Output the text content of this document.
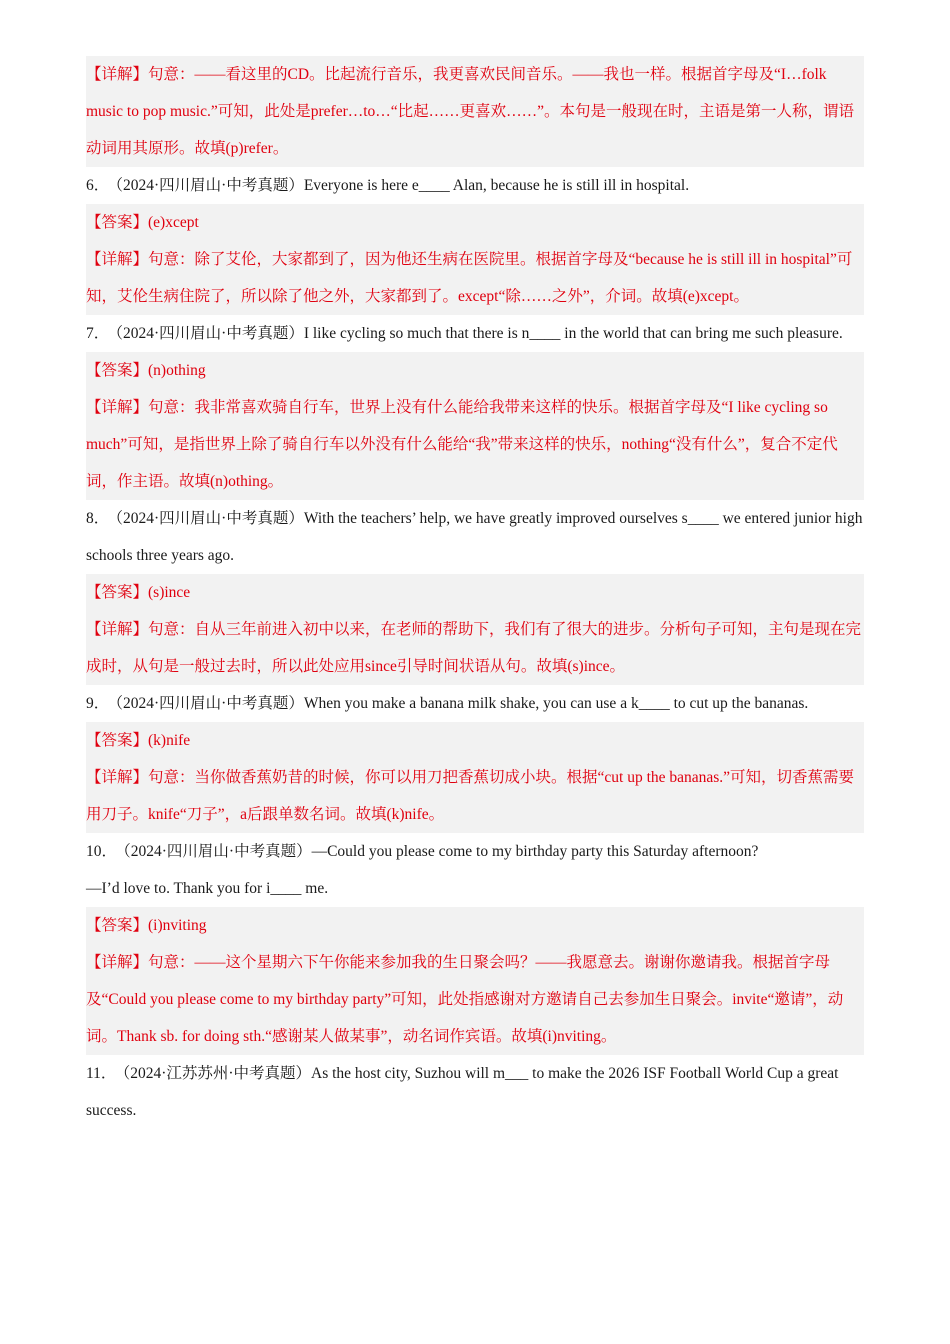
【详解】句意：——看这里的CD。比起流行音乐，我更喜欢民间音乐。——我也一样。根据首字母及“I…folk music to pop music.”可知，此处是prefer…to…“比起……更喜欢……”。本句是一般现在时，主语是第一人称，谓语动词用其原形。故填(p)refer。

6． （2024·四川眉山·中考真题）Everyone is here e____ Alan, because he is still ill in hospital.

【答案】(e)xcept

【详解】句意：除了艾伦，大家都到了，因为他还生病在医院里。根据首字母及“because he is still ill in hospital”可知，艾伦生病住院了，所以除了他之外，大家都到了。except“除……之外”，介词。故填(e)xcept。

7． （2024·四川眉山·中考真题）I like cycling so much that there is n____ in the world that can bring me such pleasure.

【答案】(n)othing

【详解】句意：我非常喜欢骑自行车，世界上没有什么能给我带来这样的快乐。根据首字母及“I like cycling so much”可知，是指世界上除了骑自行车以外没有什么能给“我”带来这样的快乐，nothing“没有什么”，复合不定代词，作主语。故填(n)othing。

8． （2024·四川眉山·中考真题）With the teachers’ help, we have greatly improved ourselves s____ we entered junior high schools three years ago.

【答案】(s)ince

【详解】句意：自从三年前进入初中以来，在老师的帮助下，我们有了很大的进步。分析句子可知，主句是现在完成时，从句是一般过去时，所以此处应用since引导时间状语从句。故填(s)ince。

9． （2024·四川眉山·中考真题）When you make a banana milk shake, you can use a k____ to cut up the bananas.

【答案】(k)nife

【详解】句意：当你做香蕉奶昔的时候，你可以用刀把香蕉切成小块。根据“cut up the bananas.”可知，切香蕉需要用刀子。knife“刀子”，a后跟单数名词。故填(k)nife。

10． （2024·四川眉山·中考真题）—Could you please come to my birthday party this Saturday afternoon?

—I’d love to. Thank you for i____ me.

【答案】(i)nviting

【详解】句意：——这个星期六下午你能来参加我的生日聚会吗？——我愿意去。谢谢你邀请我。根据首字母及“Could you please come to my birthday party”可知，此处指感谢对方邀请自己去参加生日聚会。invite“邀请”，动词。Thank sb. for doing sth.“感谢某人做某事”，动名词作宾语。故填(i)nviting。

11． （2024·江苏苏州·中考真题）As the host city, Suzhou will m___ to make the 2026 ISF Football World Cup a great success.
